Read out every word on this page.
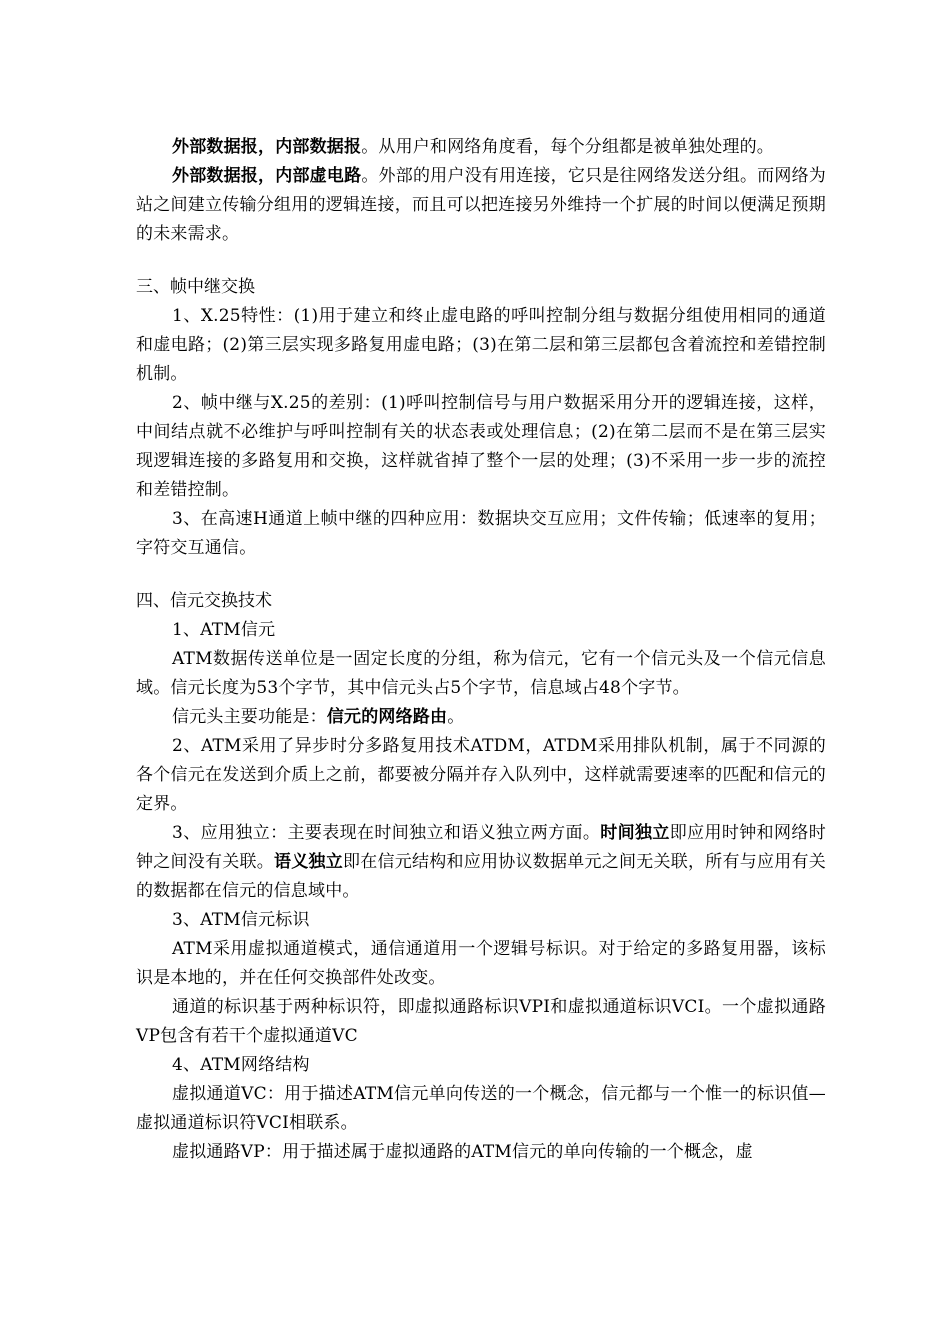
外部数据报，内部数据报。从用户和网络角度看，每个分组都是被单独处理的。

外部数据报，内部虚电路。外部的用户没有用连接，它只是往网络发送分组。而网络为站之间建立传输分组用的逻辑连接，而且可以把连接另外维持一个扩展的时间以便满足预期的未来需求。

三、帧中继交换

1、X.25特性：(1)用于建立和终止虚电路的呼叫控制分组与数据分组使用相同的通道和虚电路；(2)第三层实现多路复用虚电路；(3)在第二层和第三层都包含着流控和差错控制机制。

2、帧中继与X.25的差别：(1)呼叫控制信号与用户数据采用分开的逻辑连接，这样，中间结点就不必维护与呼叫控制有关的状态表或处理信息；(2)在第二层而不是在第三层实现逻辑连接的多路复用和交换，这样就省掉了整个一层的处理；(3)不采用一步一步的流控和差错控制。

3、在高速H通道上帧中继的四种应用：数据块交互应用；文件传输；低速率的复用；字符交互通信。

四、信元交换技术

1、ATM信元

ATM数据传送单位是一固定长度的分组，称为信元，它有一个信元头及一个信元信息域。信元长度为53个字节，其中信元头占5个字节，信息域占48个字节。

信元头主要功能是：信元的网络路由。

2、ATM采用了异步时分多路复用技术ATDM，ATDM采用排队机制，属于不同源的各个信元在发送到介质上之前，都要被分隔并存入队列中，这样就需要速率的匹配和信元的定界。

3、应用独立：主要表现在时间独立和语义独立两方面。时间独立即应用时钟和网络时钟之间没有关联。语义独立即在信元结构和应用协议数据单元之间无关联，所有与应用有关的数据都在信元的信息域中。

3、ATM信元标识

ATM采用虚拟通道模式，通信通道用一个逻辑号标识。对于给定的多路复用器，该标识是本地的，并在任何交换部件处改变。

通道的标识基于两种标识符，即虚拟通路标识VPI和虚拟通道标识VCI。一个虚拟通路VP包含有若干个虚拟通道VC

4、ATM网络结构

虚拟通道VC：用于描述ATM信元单向传送的一个概念，信元都与一个惟一的标识值—虚拟通道标识符VCI相联系。

虚拟通路VP：用于描述属于虚拟通路的ATM信元的单向传输的一个概念，虚
